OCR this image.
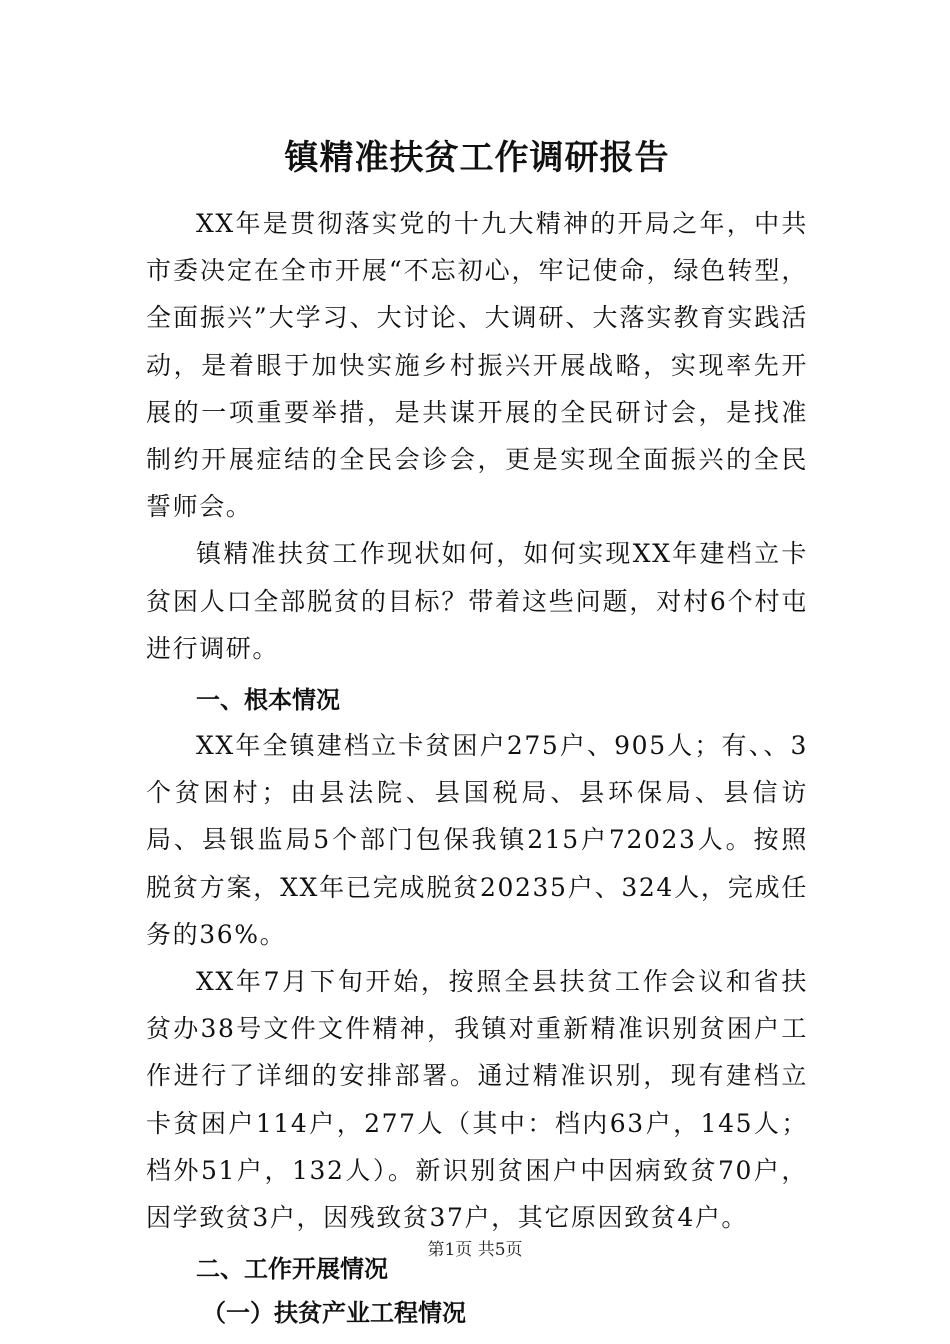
镇精准扶贫工作调研报告

XX年是贯彻落实党的十九大精神的开局之年，中共市委决定在全市开展“不忘初心，牢记使命，绿色转型，全面振兴”大学习、大讨论、大调研、大落实教育实践活动，是着眼于加快实施乡村振兴开展战略，实现率先开展的一项重要举措，是共谋开展的全民研讨会，是找准制约开展症结的全民会诊会，更是实现全面振兴的全民誓师会。

镇精准扶贫工作现状如何，如何实现XX年建档立卡贫困人口全部脱贫的目标？带着这些问题，对村6个村屯进行调研。

一、根本情况

XX年全镇建档立卡贫困户275户、905人；有、、3个贫困村；由县法院、县国税局、县环保局、县信访局、县银监局5个部门包保我镇215户72023人。按照脱贫方案，XX年已完成脱贫20235户、324人，完成任务的36%。

XX年7月下旬开始，按照全县扶贫工作会议和省扶贫办38号文件文件精神，我镇对重新精准识别贫困户工作进行了详细的安排部署。通过精准识别，现有建档立卡贫困户114户，277人（其中：档内63户，145人；档外51户，132人）。新识别贫困户中因病致贫70户，因学致贫3户，因残致贫37户，其它原因致贫4户。

二、工作开展情况
（一）扶贫产业工程情况
第1页 共5页
